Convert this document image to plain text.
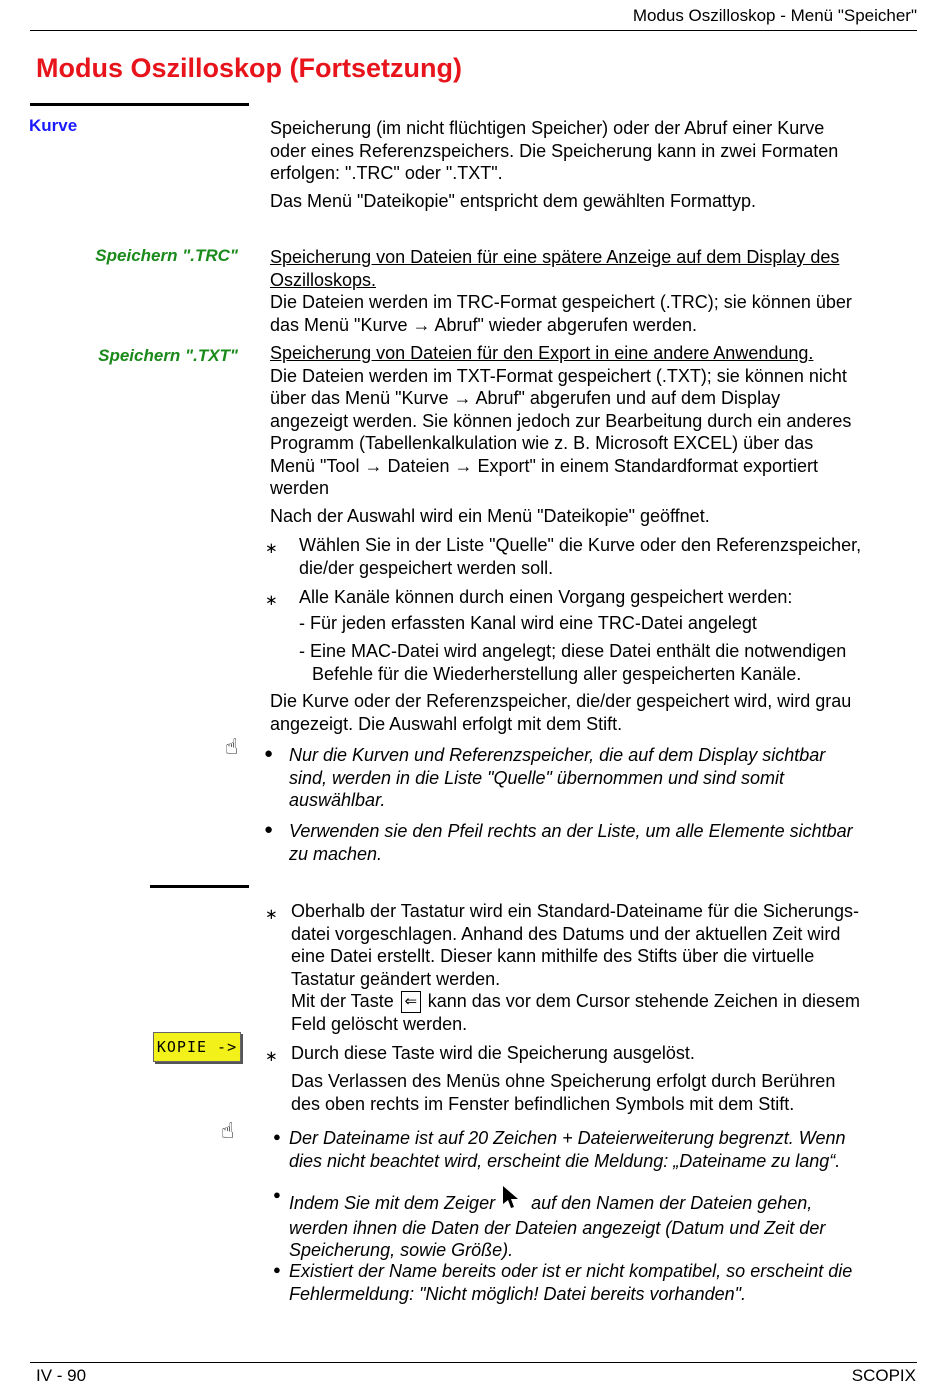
Modus Oszilloskop - Menü "Speicher"
Modus Oszilloskop (Fortsetzung)
Kurve	Speicherung (im nicht flüchtigen Speicher) oder der Abruf einer Kurve
oder eines Referenzspeichers. Die Speicherung kann in zwei Formaten
erfolgen: ".TRC" oder ".TXT".
Das Menü "Dateikopie" entspricht dem gewählten Formattyp.
Speichern ".TRC" Speicherung von Dateien für eine spätere Anzeige auf dem Display des
Oszilloskops.
Die Dateien werden im TRC-Format gespeichert (.TRC); sie können über
das Menü "Kurve → Abruf" wieder abgerufen werden.
Speichern ".TXT" Speicherung von Dateien für den Export in eine andere Anwendung.
Die Dateien werden im TXT-Format gespeichert (.TXT); sie können nicht
über das Menü "Kurve → Abruf" abgerufen und auf dem Display
angezeigt werden. Sie können jedoch zur Bearbeitung durch ein anderes
Programm (Tabellenkalkulation wie z. B. Microsoft EXCEL) über das
Menü "Tool → Dateien → Export" in einem Standardformat exportiert
werden
Nach der Auswahl wird ein Menü "Dateikopie" geöffnet.
∗ Wählen Sie in der Liste "Quelle" die Kurve oder den Referenzspeicher,
die/der gespeichert werden soll.
∗ Alle Kanäle können durch einen Vorgang gespeichert werden:
- Für jeden erfassten Kanal wird eine TRC-Datei angelegt
- Eine MAC-Datei wird angelegt; diese Datei enthält die notwendigen
Befehle für die Wiederherstellung aller gespeicherten Kanäle.
Die Kurve oder der Referenzspeicher, die/der gespeichert wird, wird grau
angezeigt. Die Auswahl erfolgt mit dem Stift.
☝ ● Nur die Kurven und Referenzspeicher, die auf dem Display sichtbar
sind, werden in die Liste "Quelle" übernommen und sind somit
auswählbar.
● Verwenden sie den Pfeil rechts an der Liste, um alle Elemente sichtbar
zu machen.
∗ Oberhalb der Tastatur wird ein Standard-Dateiname für die Sicherungs-
datei vorgeschlagen. Anhand des Datums und der aktuellen Zeit wird
eine Datei erstellt. Dieser kann mithilfe des Stifts über die virtuelle
Tastatur geändert werden.
Mit der Taste ⇐ kann das vor dem Cursor stehende Zeichen in diesem
Feld gelöscht werden.
KOPIE ->
∗ Durch diese Taste wird die Speicherung ausgelöst.
Das Verlassen des Menüs ohne Speicherung erfolgt durch Berühren
des oben rechts im Fenster befindlichen Symbols mit dem Stift.
☝	● Der Dateiname ist auf 20 Zeichen + Dateierweiterung begrenzt. Wenn
dies nicht beachtet wird, erscheint die Meldung: „Dateiname zu lang“.
● Indem Sie mit dem Zeiger auf den Namen der Dateien gehen,
werden ihnen die Daten der Dateien angezeigt (Datum und Zeit der
Speicherung, sowie Größe).
● Existiert der Name bereits oder ist er nicht kompatibel, so erscheint die
Fehlermeldung: "Nicht möglich! Datei bereits vorhanden".
IV - 90	SCOPIX
